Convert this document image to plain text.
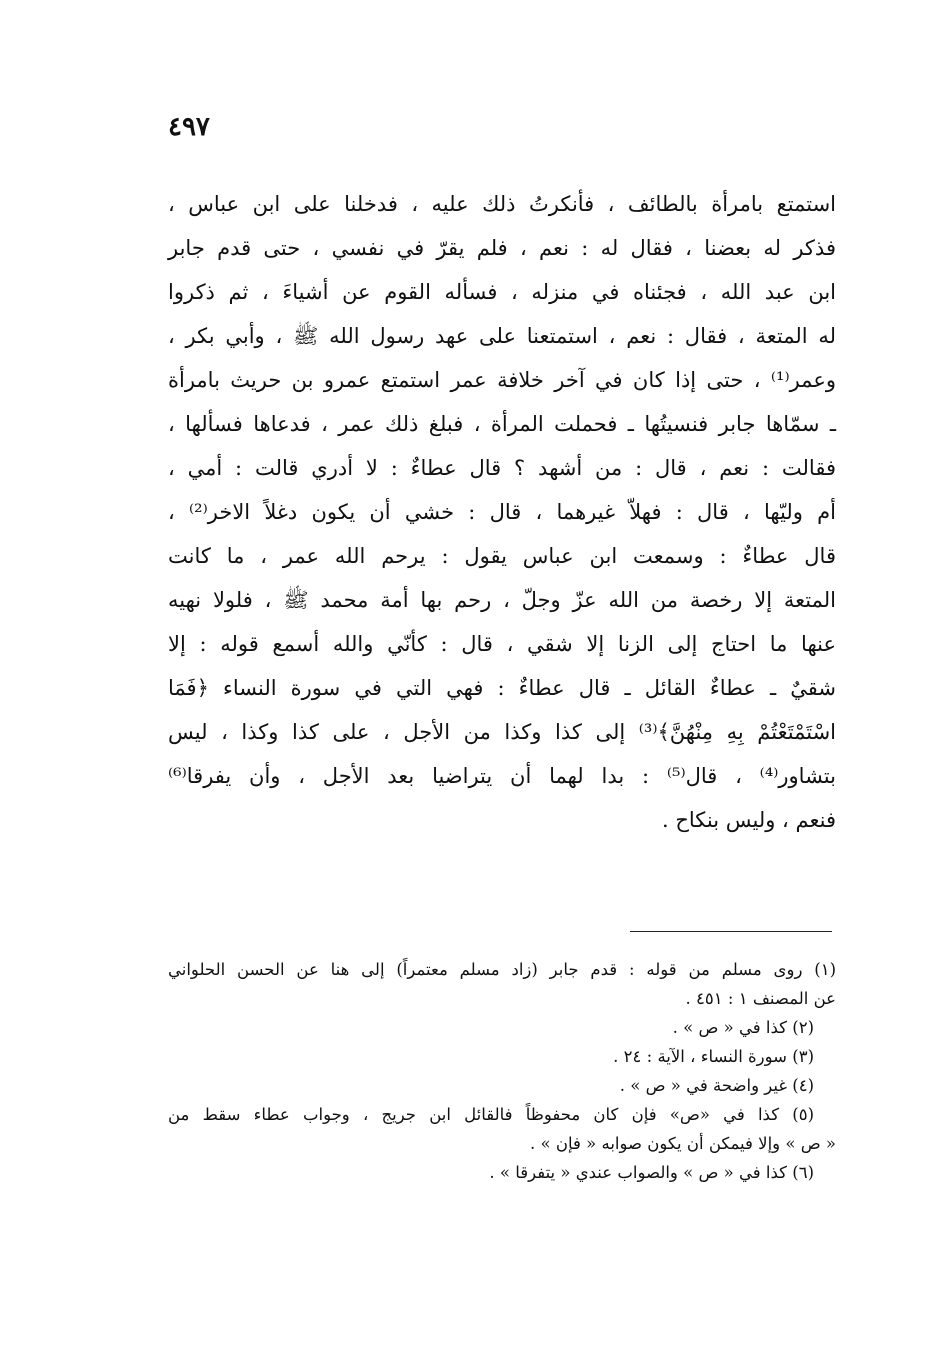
٤٩٧
استمتع بامرأة بالطائف ، فأنكرتُ ذلك عليه ، فدخلنا على ابن عباس ،
فذكر له بعضنا ، فقال له : نعم ، فلم يقرّ في نفسي ، حتى قدم جابر
ابن عبد الله ، فجئناه في منزله ، فسأله القوم عن أشياءَ ، ثم ذكروا
له المتعة ، فقال : نعم ، استمتعنا على عهد رسول الله ﷺ ، وأبي بكر ،
وعمر⁽¹⁾ ، حتى إذا كان في آخر خلافة عمر استمتع عمرو بن حريث بامرأة
ـ سمّاها جابر فنسيتُها ـ فحملت المرأة ، فبلغ ذلك عمر ، فدعاها فسألها ،
فقالت : نعم ، قال : من أشهد ؟ قال عطاءٌ : لا أدري قالت : أمي ،
أم وليّها ، قال : فهلاّ غيرهما ، قال : خشي أن يكون دغلاً الاخر⁽²⁾ ،
قال عطاءٌ : وسمعت ابن عباس يقول : يرحم الله عمر ، ما كانت
المتعة إلا رخصة من الله عزّ وجلّ ، رحم بها أمة محمد ﷺ ، فلولا نهيه
عنها ما احتاج إلى الزنا إلا شقي ، قال : كأنّي والله أسمع قوله : إلا
شقيٌ ـ عطاءٌ القائل ـ قال عطاءٌ : فهي التي في سورة النساء ﴿فَمَا
اسْتَمْتَعْتُمْ بِهِ مِنْهُنَّ﴾⁽³⁾ إلى كذا وكذا من الأجل ، على كذا وكذا ، ليس
بتشاور⁽⁴⁾ ، قال⁽⁵⁾ : بدا لهما أن يتراضيا بعد الأجل ، وأن يفرقا⁽⁶⁾
فنعم ، وليس بنكاح .
(١) روى مسلم من قوله : قدم جابر (زاد مسلم معتمراً) إلى هنا عن الحسن الحلواني
عن المصنف ١ : ٤٥١ .
(٢) كذا في « ص » .
(٣) سورة النساء ، الآية : ٢٤ .
(٤) غير واضحة في « ص » .
(٥) كذا في «ص» فإن كان محفوظاً فالقائل ابن جريج ، وجواب عطاء سقط من
« ص » وإلا فيمكن أن يكون صوابه « فإن » .
(٦) كذا في « ص » والصواب عندي « يتفرقا » .
